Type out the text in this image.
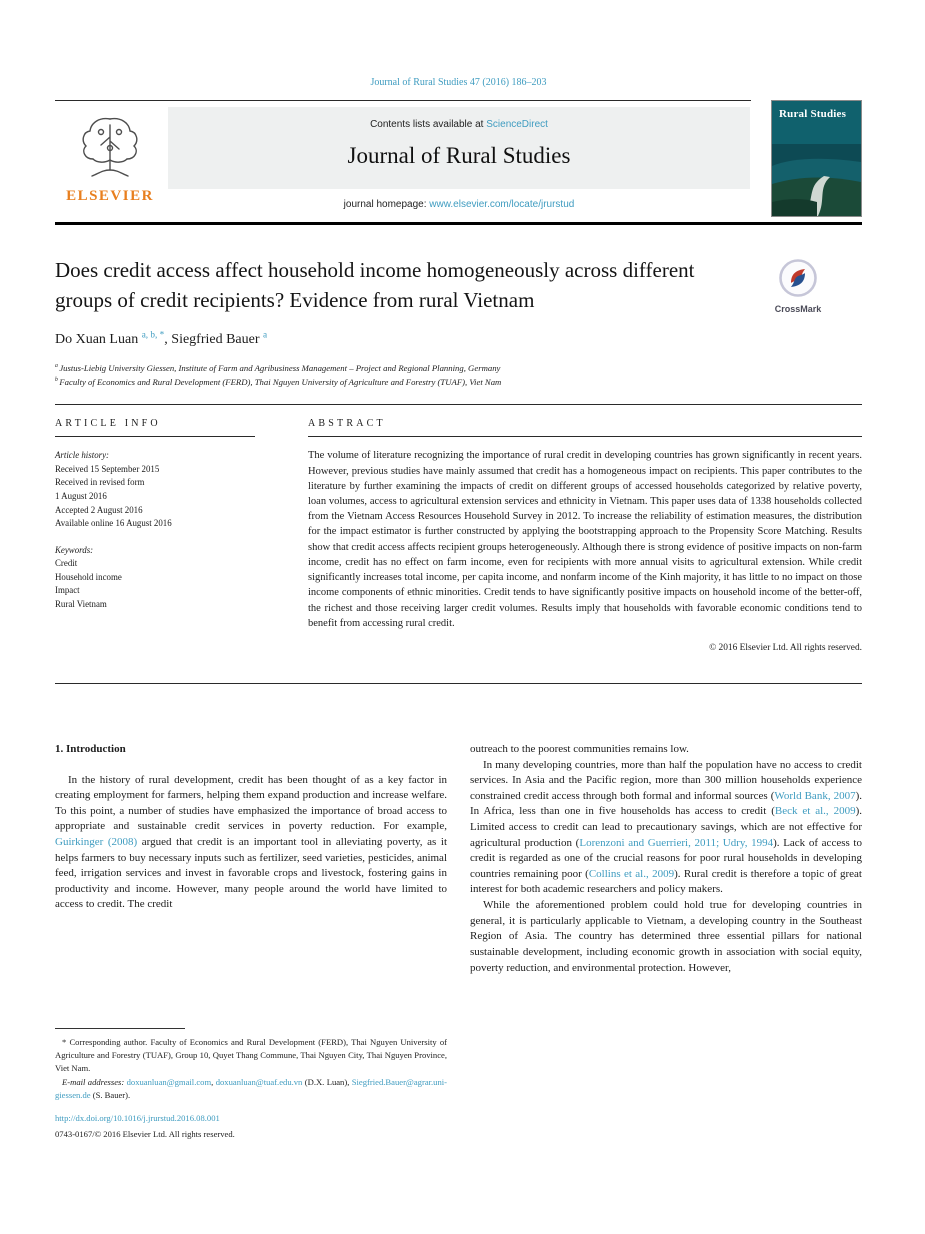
Journal of Rural Studies 47 (2016) 186–203
ELSEVIER
Contents lists available at ScienceDirect
Journal of Rural Studies
journal homepage: www.elsevier.com/locate/jrurstud
Rural Studies
CrossMark
Does credit access affect household income homogeneously across different groups of credit recipients? Evidence from rural Vietnam
Do Xuan Luan $^{a, b, *}$, Siegfried Bauer $^a$
$^a$ Justus-Liebig University Giessen, Institute of Farm and Agribusiness Management – Project and Regional Planning, Germany
$^b$ Faculty of Economics and Rural Development (FERD), Thai Nguyen University of Agriculture and Forestry (TUAF), Viet Nam
ARTICLE INFO
Article history:
Received 15 September 2015
Received in revised form
1 August 2016
Accepted 2 August 2016
Available online 16 August 2016
Keywords:
Credit
Household income
Impact
Rural Vietnam
ABSTRACT
The volume of literature recognizing the importance of rural credit in developing countries has grown significantly in recent years. However, previous studies have mainly assumed that credit has a homogeneous impact on recipients. This paper contributes to the literature by further examining the impacts of credit on different groups of accessed households categorized by relative poverty, loan volumes, access to agricultural extension services and ethnicity in Vietnam. This paper uses data of 1338 households collected from the Vietnam Access Resources Household Survey in 2012. To increase the reliability of estimation measures, the distribution for the impact estimator is further constructed by applying the bootstrapping approach to the Propensity Score Matching. Results show that credit access affects recipient groups heterogeneously. Although there is strong evidence of positive impacts on non-farm income, credit has no effect on farm income, even for recipients with more annual visits to agricultural extension. While credit significantly increases total income, per capita income, and nonfarm income of the Kinh majority, it has little to no impact on those income components of ethnic minorities. Credit tends to have significantly positive impacts on household income of the better-off, the richest and those receiving larger credit volumes. Results imply that households with favorable economic conditions tend to benefit from accessing rural credit.
© 2016 Elsevier Ltd. All rights reserved.
1. Introduction

In the history of rural development, credit has been thought of as a key factor in creating employment for farmers, helping them expand production and increase welfare. To this point, a number of studies have emphasized the importance of broad access to appropriate and sustainable credit services in poverty reduction. For example, Guirkinger (2008) argued that credit is an important tool in alleviating poverty, as it helps farmers to buy necessary inputs such as fertilizer, seed varieties, pesticides, animal feed, irrigation services and invest in favorable crops and livestock, fostering gains in productivity and income. However, many people around the world have limited to access to credit. The credit

* Corresponding author. Faculty of Economics and Rural Development (FERD), Thai Nguyen University of Agriculture and Forestry (TUAF), Group 10, Quyet Thang Commune, Thai Nguyen City, Thai Nguyen Province, Viet Nam.
E-mail addresses: doxuanluan@gmail.com, doxuanluan@tuaf.edu.vn (D.X. Luan), Siegfried.Bauer@agrar.uni-giessen.de (S. Bauer).
http://dx.doi.org/10.1016/j.jrurstud.2016.08.001
0743-0167/© 2016 Elsevier Ltd. All rights reserved.

outreach to the poorest communities remains low.

In many developing countries, more than half the population have no access to credit services. In Asia and the Pacific region, more than 300 million households experience constrained credit access through both formal and informal sources (World Bank, 2007). In Africa, less than one in five households has access to credit (Beck et al., 2009). Limited access to credit can lead to precautionary savings, which are not effective for agricultural production (Lorenzoni and Guerrieri, 2011; Udry, 1994). Lack of access to credit is regarded as one of the crucial reasons for poor rural households in developing countries remaining poor (Collins et al., 2009). Rural credit is therefore a topic of great interest for both academic researchers and policy makers.

While the aforementioned problem could hold true for developing countries in general, it is particularly applicable to Vietnam, a developing country in the Southeast Region of Asia. The country has determined three essential pillars for national sustainable development, including economic growth in association with social equity, poverty reduction, and environmental protection. However,
